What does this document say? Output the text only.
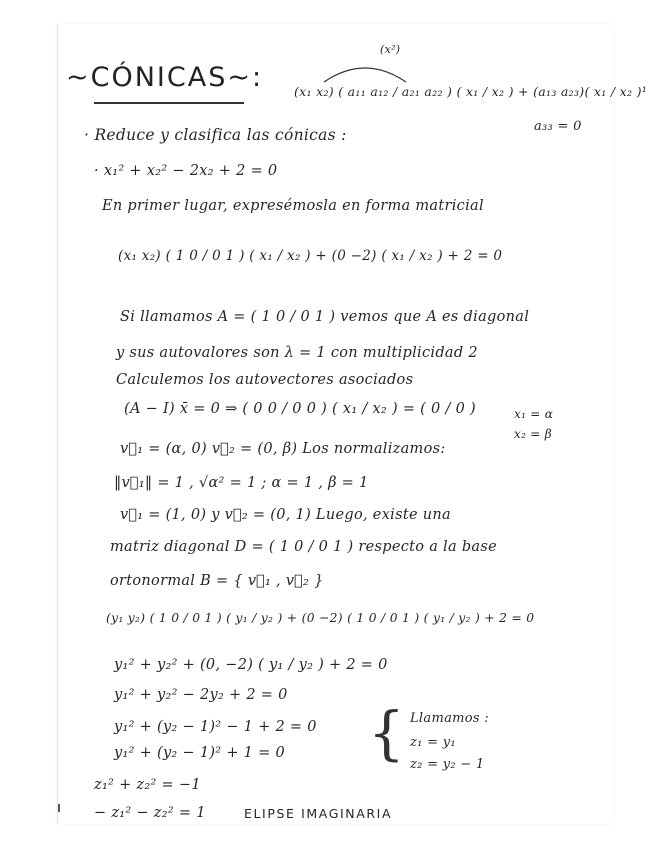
~CÓNICAS~:
(x²)
(x₁ x₂) ( a₁₁ a₁₂ / a₂₁ a₂₂ ) ( x₁ / x₂ ) + (a₁₃ a₂₃)( x₁ / x₂ )¹
a₃₃ = 0
· Reduce y clasifica las cónicas :
· x₁² + x₂² − 2x₂ + 2 = 0
En primer lugar, expresémosla en forma matricial
(x₁ x₂) ( 1 0 / 0 1 ) ( x₁ / x₂ ) + (0 −2) ( x₁ / x₂ ) + 2 = 0
Si llamamos A = ( 1 0 / 0 1 ) vemos que A es diagonal
y sus autovalores son λ = 1 con multiplicidad 2
Calculemos los autovectores asociados
(A − I) x̄ = 0 ⇒ ( 0 0 / 0 0 ) ( x₁ / x₂ ) = ( 0 / 0 )
v⃗₁ = (α, 0) v⃗₂ = (0, β) Los normalizamos:
‖v⃗₁‖ = 1 , √α² = 1 ; α = 1 , β = 1
v⃗₁ = (1, 0) y v⃗₂ = (0, 1) Luego, existe una
matriz diagonal D = ( 1 0 / 0 1 ) respecto a la base
ortonormal B = { v⃗₁ , v⃗₂ }
(y₁ y₂) ( 1 0 / 0 1 ) ( y₁ / y₂ ) + (0 −2) ( 1 0 / 0 1 ) ( y₁ / y₂ ) + 2 = 0
y₁² + y₂² + (0, −2) ( y₁ / y₂ ) + 2 = 0
y₁² + y₂² − 2y₂ + 2 = 0
y₁² + (y₂ − 1)² − 1 + 2 = 0
y₁² + (y₂ − 1)² + 1 = 0
z₁² + z₂² = −1
− z₁² − z₂² = 1	ELIPSE IMAGINARIA
x₁ = α
x₂ = β
{ Llamamos :
z₁ = y₁
z₂ = y₂ − 1
